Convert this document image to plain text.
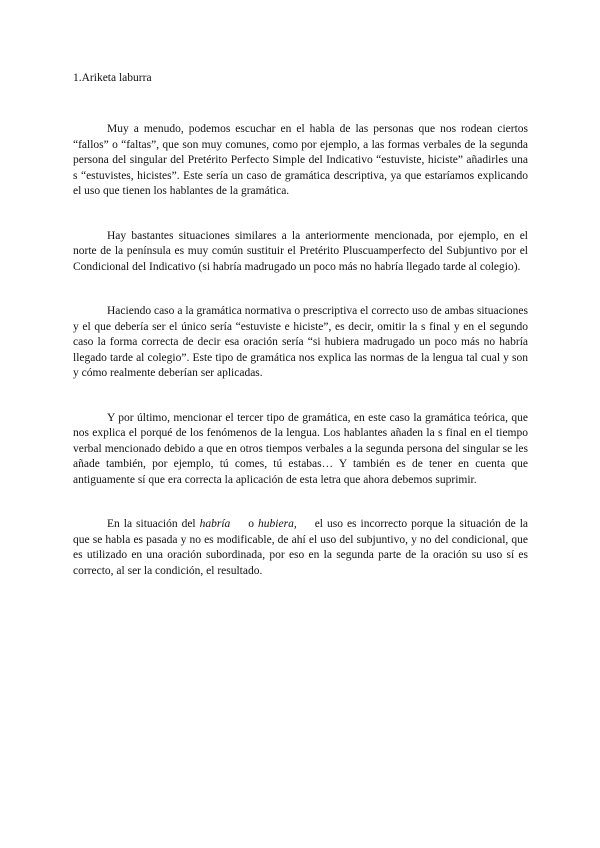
1.Ariketa laburra

Muy a menudo, podemos escuchar en el habla de las personas que nos rodean ciertos “fallos” o “faltas”, que son muy comunes, como por ejemplo, a las formas verbales de la segunda persona del singular del Pretérito Perfecto Simple del Indicativo “estuviste, hiciste” añadirles una s “estuvistes, hicistes”. Este sería un caso de gramática descriptiva, ya que estaríamos explicando el uso que tienen los hablantes de la gramática.

Hay bastantes situaciones similares a la anteriormente mencionada, por ejemplo, en el norte de la península es muy común sustituir el Pretérito Pluscuamperfecto del Subjuntivo por el Condicional del Indicativo (si habría madrugado un poco más no habría llegado tarde al colegio).

Haciendo caso a la gramática normativa o prescriptiva el correcto uso de ambas situaciones y el que debería ser el único sería “estuviste e hiciste”, es decir, omitir la s final y en el segundo caso la forma correcta de decir esa oración sería “si hubiera madrugado un poco más no habría llegado tarde al colegio”. Este tipo de gramática nos explica las normas de la lengua tal cual y son y cómo realmente deberían ser aplicadas.

Y por último, mencionar el tercer tipo de gramática, en este caso la gramática teórica, que nos explica el porqué de los fenómenos de la lengua. Los hablantes añaden la s final en el tiempo verbal mencionado debido a que en otros tiempos verbales a la segunda persona del singular se les añade también, por ejemplo, tú comes, tú estabas… Y también es de tener en cuenta que antiguamente sí que era correcta la aplicación de esta letra que ahora debemos suprimir.

En la situación del habría o hubiera, el uso es incorrecto porque la situación de la que se habla es pasada y no es modificable, de ahí el uso del subjuntivo, y no del condicional, que es utilizado en una oración subordinada, por eso en la segunda parte de la oración su uso sí es correcto, al ser la condición, el resultado.
